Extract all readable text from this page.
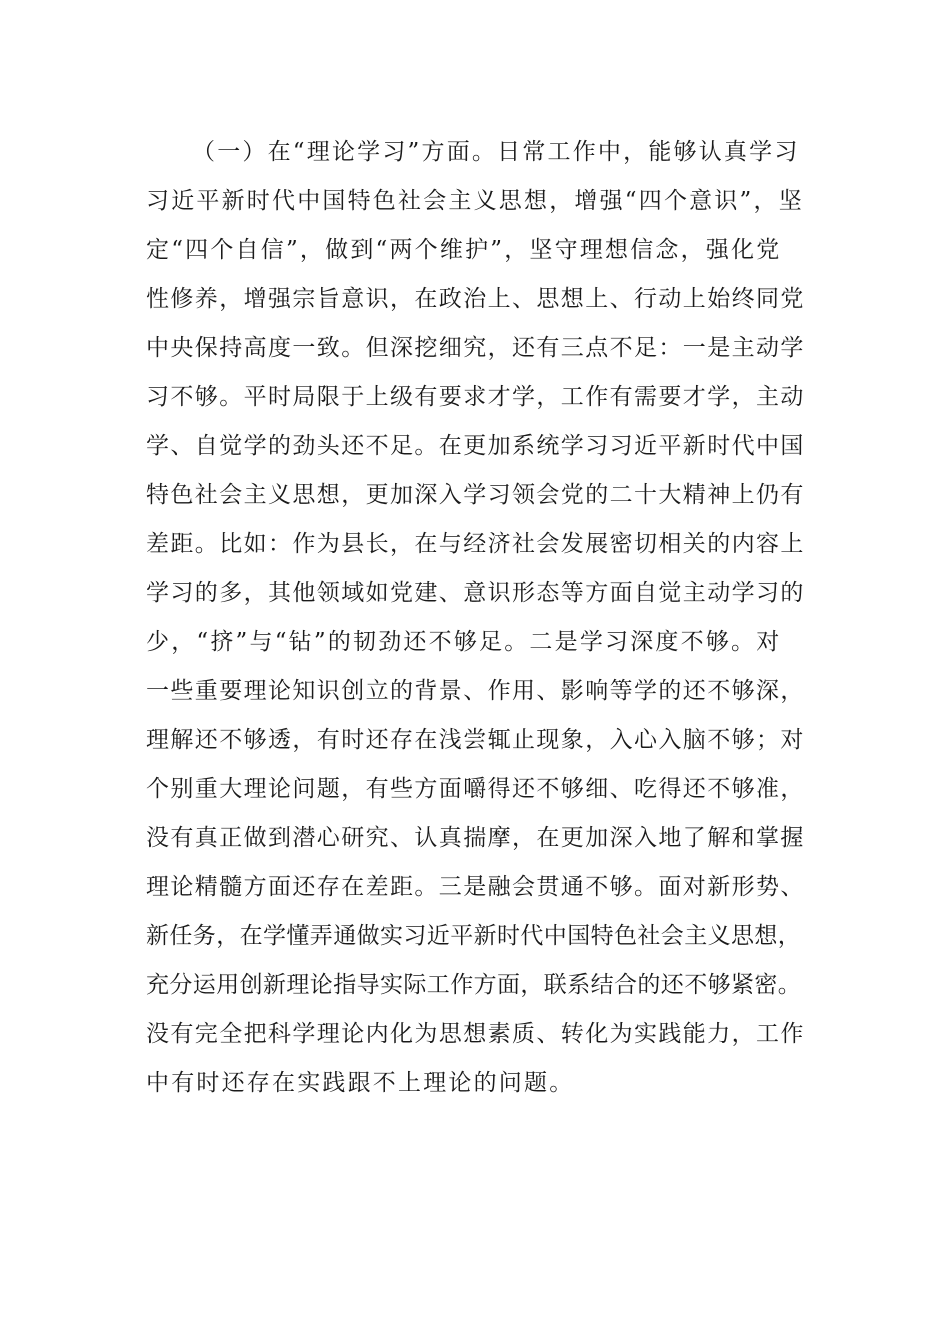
（一）在“理论学习”方面。日常工作中，能够认真学习
习近平新时代中国特色社会主义思想，增强“四个意识”，坚
定“四个自信”，做到“两个维护”，坚守理想信念，强化党
性修养，增强宗旨意识，在政治上、思想上、行动上始终同党
中央保持高度一致。但深挖细究，还有三点不足：一是主动学
习不够。平时局限于上级有要求才学，工作有需要才学，主动
学、自觉学的劲头还不足。在更加系统学习习近平新时代中国
特色社会主义思想，更加深入学习领会党的二十大精神上仍有
差距。比如：作为县长，在与经济社会发展密切相关的内容上
学习的多，其他领域如党建、意识形态等方面自觉主动学习的
少，“挤”与“钻”的韧劲还不够足。二是学习深度不够。对
一些重要理论知识创立的背景、作用、影响等学的还不够深，
理解还不够透，有时还存在浅尝辄止现象，入心入脑不够；对
个别重大理论问题，有些方面嚼得还不够细、吃得还不够准，
没有真正做到潜心研究、认真揣摩，在更加深入地了解和掌握
理论精髓方面还存在差距。三是融会贯通不够。面对新形势、
新任务，在学懂弄通做实习近平新时代中国特色社会主义思想，
充分运用创新理论指导实际工作方面，联系结合的还不够紧密。
没有完全把科学理论内化为思想素质、转化为实践能力，工作
中有时还存在实践跟不上理论的问题。
